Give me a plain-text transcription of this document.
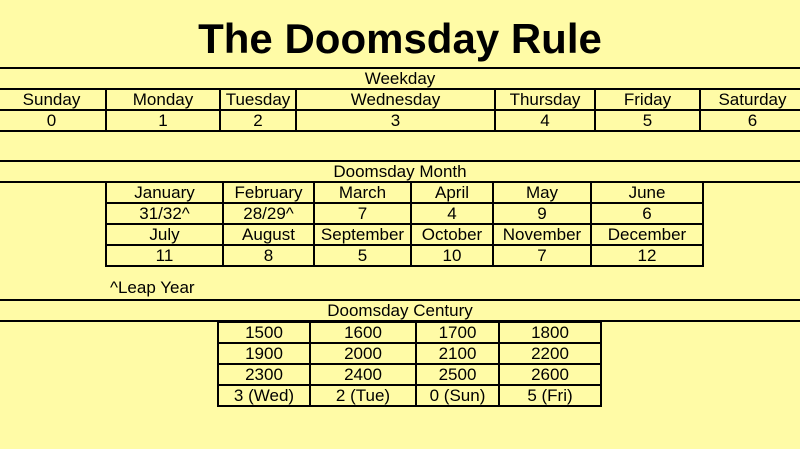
The Doomsday Rule
Weekday
Sunday	Monday	Tuesday	Wednesday	Thursday	Friday	Saturday
0	1	2	3	4	5	6
Doomsday Month
January	February	March	April	May	June
31/32^	28/29^	7	4	9	6
July	August	September	October	November	December
11	8	5	10	7	12
^Leap Year
Doomsday Century
1500	1600	1700	1800
1900	2000	2100	2200
2300	2400	2500	2600
3 (Wed)	2 (Tue)	0 (Sun)	5 (Fri)
